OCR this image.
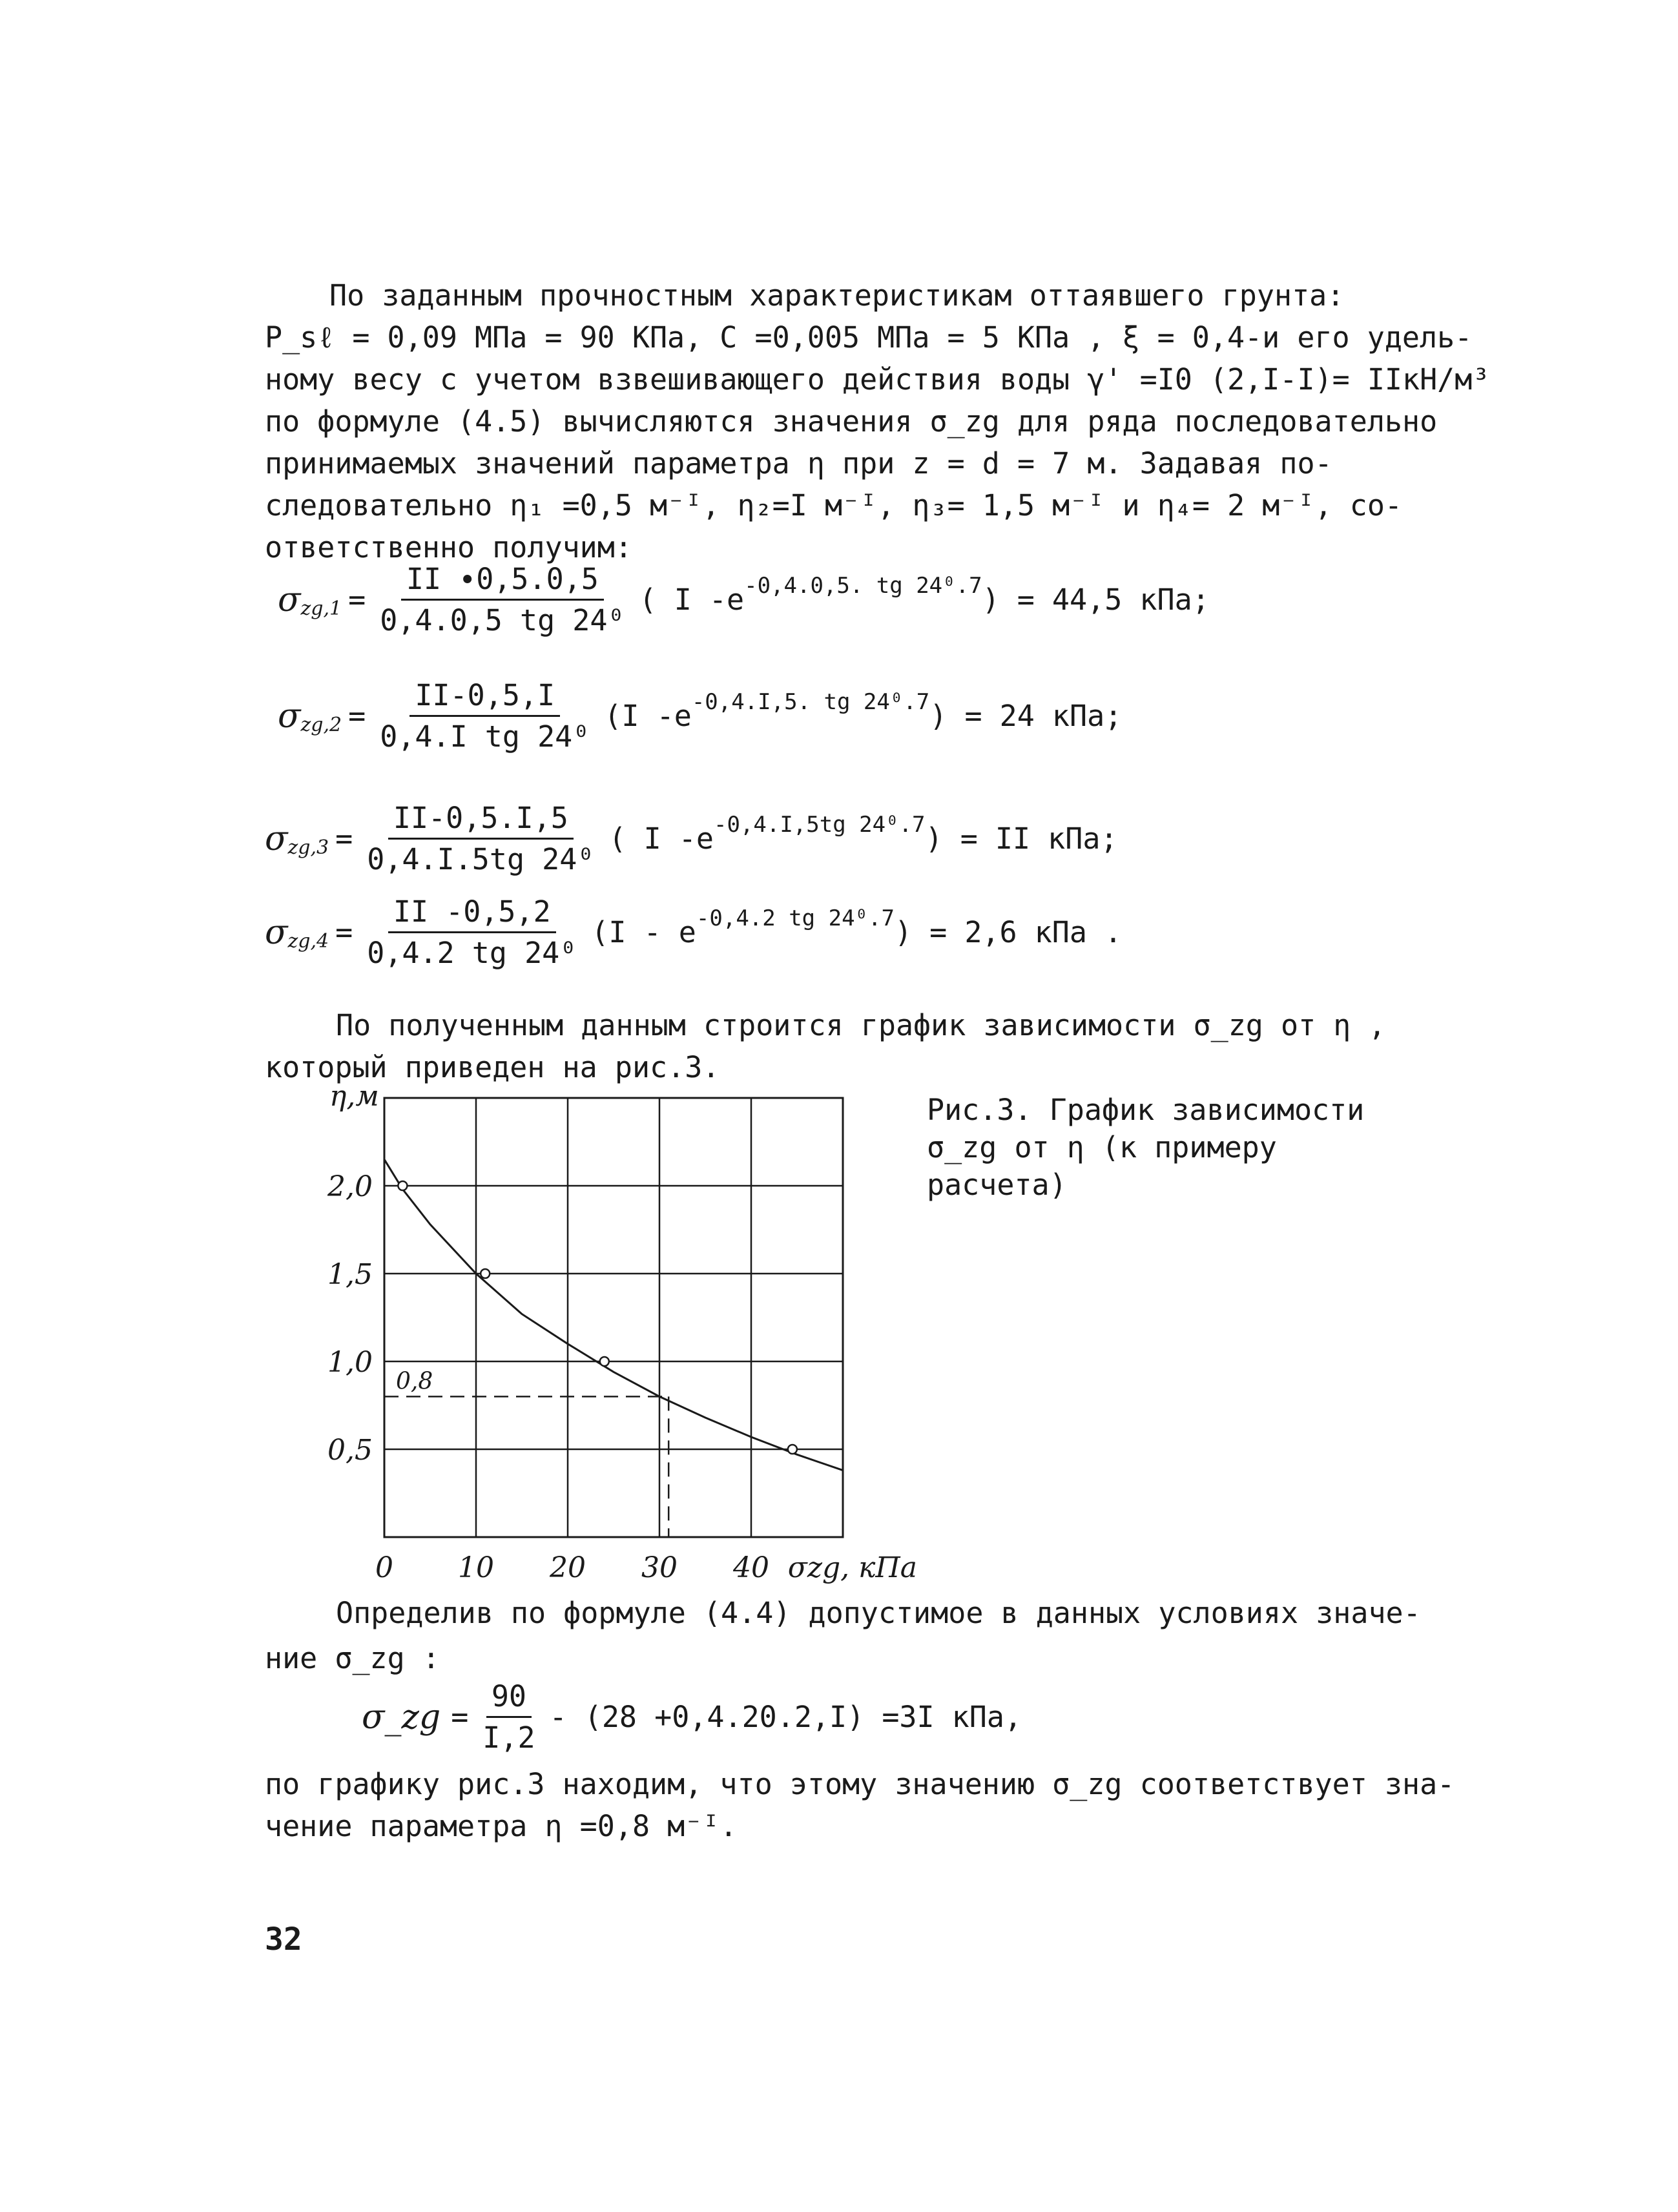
По заданным прочностным характеристикам оттаявшего грунта:
P_sℓ = 0,09 МПа = 90 КПа, С =0,005 МПа = 5 КПа , ξ = 0,4-и его удель-
ному весу с учетом взвешивающего действия воды γ' =I0 (2,I-I)= IIкН/м³
по формуле (4.5) вычисляются значения σ_zg для ряда последовательно
принимаемых значений параметра η при z = d = 7 м. Задавая по-
следовательно η₁ =0,5 м⁻ᴵ, η₂=I м⁻ᴵ, η₃= 1,5 м⁻ᴵ и η₄= 2 м⁻ᴵ, со-
ответственно получим:
σ $zg,1 = \frac{II \cdot 0,5.0,5}{\text{0,4.0,5 tg 24⁰}}$ ( I -е -0,4.0,5. tg 24⁰.7 ) = 44,5 кПа;
σ $zg,2 = \frac{II-0,5,I}{\text{0,4.I tg 24⁰}} (I$ -е -0,4.I,5. tg 24⁰.7 ) = 24 кПа;
σ $zg,3 = \frac{II-0,5.I,5}{\text{0,4.I.5tg 24⁰}}$ ( I -е -0,4.I,5tg 24⁰.7 ) = II кПа;
σ $zg,4 = \frac{II -0,5,2}{\text{0,4.2 tg 24⁰}} (I - е$ -0,4.2 tg 24⁰.7 ) = 2,6 кПа .
По полученным данным строится график зависимости σ_zg от η ,
который приведен на рис.3.
0 10 20 30 40
0,5
1,0
1,5
2,0
η,м
σzg, кПа
0,8
Рис.3. График зависимости
σ_zg от η (к примеру
расчета)
Определив по формуле (4.4) допустимое в данных условиях значе-
ние σ_zg :
σ_zg = $\frac{90}{I,2} - (28 +0,4.20.2,I) =3I$ кПа,
по графику рис.3 находим, что этому значению σ_zg соответствует зна-
чение параметра η =0,8 м⁻ᴵ.
32
